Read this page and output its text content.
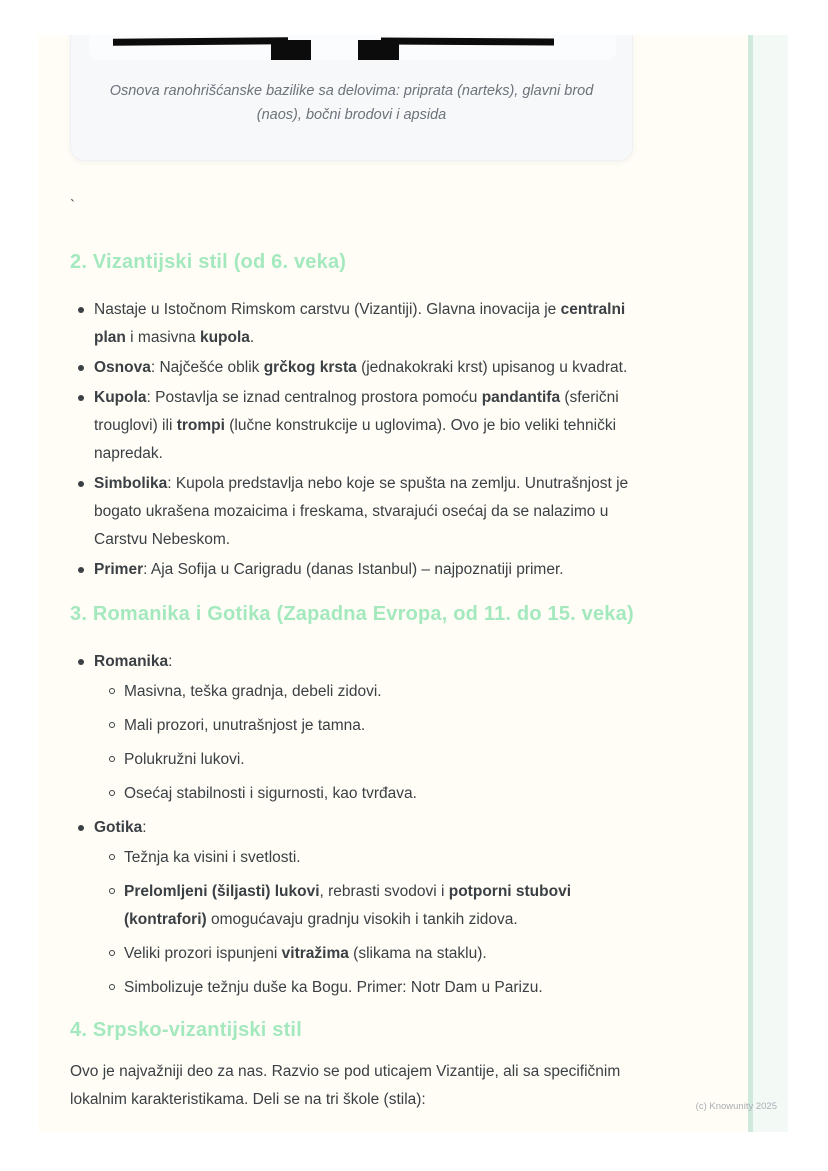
Osnova ranohrišćanske bazilike sa delovima: priprata (narteks), glavni brod (naos), bočni brodovi i apsida
`
2. Vizantijski stil (od 6. veka)
Nastaje u Istočnom Rimskom carstvu (Vizantiji). Glavna inovacija je centralni plan i masivna kupola.
Osnova: Najčešće oblik grčkog krsta (jednakokraki krst) upisanog u kvadrat.
Kupola: Postavlja se iznad centralnog prostora pomoću pandantifa (sferični trouglovi) ili trompi (lučne konstrukcije u uglovima). Ovo je bio veliki tehnički napredak.
Simbolika: Kupola predstavlja nebo koje se spušta na zemlju. Unutrašnjost je bogato ukrašena mozaicima i freskama, stvarajući osećaj da se nalazimo u Carstvu Nebeskom.
Primer: Aja Sofija u Carigradu (danas Istanbul) – najpoznatiji primer.
3. Romanika i Gotika (Zapadna Evropa, od 11. do 15. veka)
Romanika:
Masivna, teška gradnja, debeli zidovi.
Mali prozori, unutrašnjost je tamna.
Polukružni lukovi.
Osećaj stabilnosti i sigurnosti, kao tvrđava.
Gotika:
Težnja ka visini i svetlosti.
Prelomljeni (šiljasti) lukovi, rebrasti svodovi i potporni stubovi (kontrafori) omogućavaju gradnju visokih i tankih zidova.
Veliki prozori ispunjeni vitražima (slikama na staklu).
Simbolizuje težnju duše ka Bogu. Primer: Notr Dam u Parizu.
4. Srpsko-vizantijski stil

Ovo je najvažniji deo za nas. Razvio se pod uticajem Vizantije, ali sa specifičnim lokalnim karakteristikama. Deli se na tri škole (stila):	(c) Knowunity 2025
